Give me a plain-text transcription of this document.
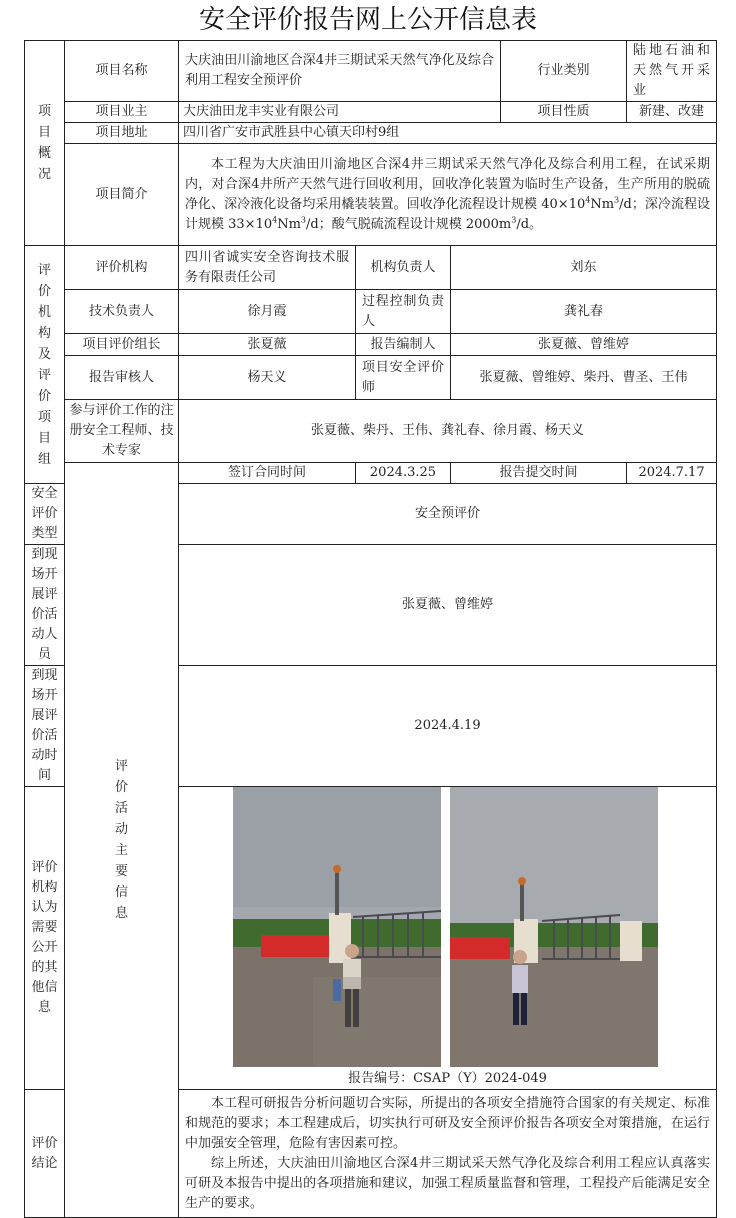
安全评价报告网上公开信息表
项目概况	项目名称	大庆油田川渝地区合深4井三期试采天然气净化及综合利用工程安全预评价			行业类别	陆地石油和天然气开采业
	项目业主	大庆油田龙丰实业有限公司			项目性质	新建、改建
	项目地址	四川省广安市武胜县中心镇天印村9组				
	项目简介	本工程为大庆油田川渝地区合深4井三期试采天然气净化及综合利用工程，在试采期内，对合深4井所产天然气进行回收利用，回收净化装置为临时生产设备，生产所用的脱硫净化、深冷液化设备均采用橇装装置。回收净化流程设计规模 $40\times 10^4Nm^3/d$；深冷流程设计规模 $33\times 10^4Nm^3/d$；酸气脱硫流程设计规模 $2000m^3/d$。				
评价机构及评价项目组	评价机构	四川省诚实安全咨询技术服务有限责任公司	机构负责人	刘东		
	技术负责人	徐月霞	过程控制负责人	龚礼春		
	项目评价组长	张夏薇	报告编制人	张夏薇、曾维婷		
	报告审核人	杨天义	项目安全评价师	张夏薇、曾维婷、柴丹、曹圣、王伟		
	参与评价工作的注册安全工程师、技术专家	张夏薇、柴丹、王伟、龚礼春、徐月霞、杨天义				
	评价活动主要信息	签订合同时间	2024.3.25	报告提交时间		2024.7.17
安全评价类型		安全预评价				
到现场开展评价活动人员		张夏薇、曾维婷				
到现场开展评价活动时间		2024.4.19				
评价机构认为需要公开的其他信息		报告编号：CSAP（Y）2024-049				

评价结论		本工程可研报告分析问题切合实际，所提出的各项安全措施符合国家的有关规定、标准和规范的要求；本工程建成后，切实执行可研及安全预评价报告各项安全对策措施，在运行中加强安全管理，危险有害因素可控。
综上所述，大庆油田川渝地区合深4井三期试采天然气净化及综合利用工程应认真落实可研及本报告中提出的各项措施和建议，加强工程质量监督和管理，工程投产后能满足安全生产的要求。				
